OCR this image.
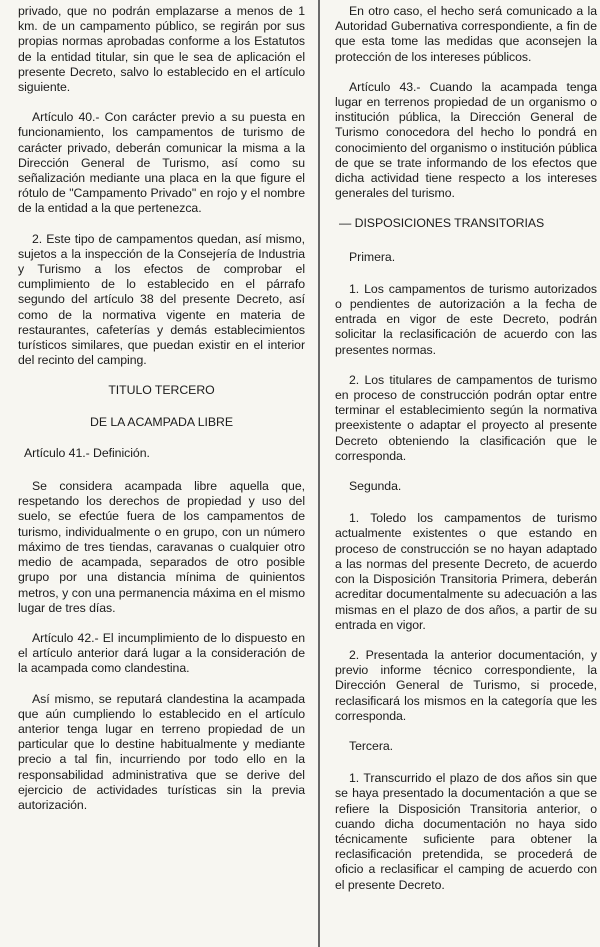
privado, que no podrán emplazarse a menos de 1 km. de un campamento público, se regirán por sus propias normas aprobadas conforme a los Estatutos de la entidad titular, sin que le sea de aplicación el presente Decreto, salvo lo establecido en el artículo siguiente.

Artículo 40.- Con carácter previo a su puesta en funcionamiento, los campamentos de turismo de carácter privado, deberán comunicar la misma a la Dirección General de Turismo, así como su señalización mediante una placa en la que figure el rótulo de "Campamento Privado" en rojo y el nombre de la entidad a la que pertenezca.

2. Este tipo de campamentos quedan, así mismo, sujetos a la inspección de la Consejería de Industria y Turismo a los efectos de comprobar el cumplimiento de lo establecido en el párrafo segundo del artículo 38 del presente Decreto, así como de la normativa vigente en materia de restaurantes, cafeterías y demás establecimientos turísticos similares, que puedan existir en el interior del recinto del camping.

TITULO TERCERO

DE LA ACAMPADA LIBRE

Artículo 41.- Definición.

Se considera acampada libre aquella que, respetando los derechos de propiedad y uso del suelo, se efectúe fuera de los campamentos de turismo, individualmente o en grupo, con un número máximo de tres tiendas, caravanas o cualquier otro medio de acampada, separados de otro posible grupo por una distancia mínima de quinientos metros, y con una permanencia máxima en el mismo lugar de tres días.

Artículo 42.- El incumplimiento de lo dispuesto en el artículo anterior dará lugar a la consideración de la acampada como clandestina.

Así mismo, se reputará clandestina la acampada que aún cumpliendo lo establecido en el artículo anterior tenga lugar en terreno propiedad de un particular que lo destine habitualmente y mediante precio a tal fin, incurriendo por todo ello en la responsabilidad administrativa que se derive del ejercicio de actividades turísticas sin la previa autorización.

En otro caso, el hecho será comunicado a la Autoridad Gubernativa correspondiente, a fin de que esta tome las medidas que aconsejen la protección de los intereses públicos.

Artículo 43.- Cuando la acampada tenga lugar en terrenos propiedad de un organismo o institución pública, la Dirección General de Turismo conocedora del hecho lo pondrá en conocimiento del organismo o institución pública de que se trate informando de los efectos que dicha actividad tiene respecto a los intereses generales del turismo.

— DISPOSICIONES TRANSITORIAS

Primera.

1. Los campamentos de turismo autorizados o pendientes de autorización a la fecha de entrada en vigor de este Decreto, podrán solicitar la reclasificación de acuerdo con las presentes normas.

2. Los titulares de campamentos de turismo en proceso de construcción podrán optar entre terminar el establecimiento según la normativa preexistente o adaptar el proyecto al presente Decreto obteniendo la clasificación que le corresponda.

Segunda.

1. Toledo los campamentos de turismo actualmente existentes o que estando en proceso de construcción se no hayan adaptado a las normas del presente Decreto, de acuerdo con la Disposición Transitoria Primera, deberán acreditar documentalmente su adecuación a las mismas en el plazo de dos años, a partir de su entrada en vigor.

2. Presentada la anterior documentación, y previo informe técnico correspondiente, la Dirección General de Turismo, si procede, reclasificará los mismos en la categoría que les corresponda.

Tercera.

1. Transcurrido el plazo de dos años sin que se haya presentado la documentación a que se refiere la Disposición Transitoria anterior, o cuando dicha documentación no haya sido técnicamente suficiente para obtener la reclasificación pretendida, se procederá de oficio a reclasificar el camping de acuerdo con el presente Decreto.
